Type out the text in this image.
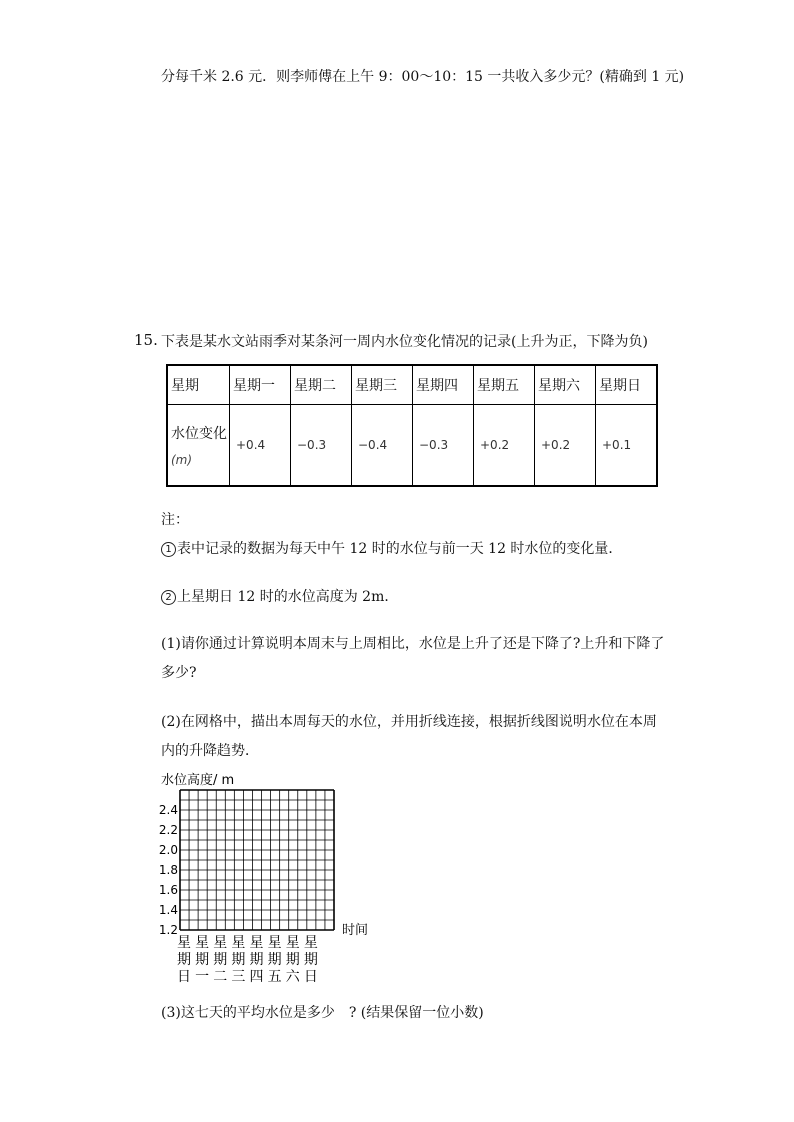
分每千米 2.6 元．则李师傅在上午 9：00～10：15 一共收入多少元？(精确到 1 元)
15. 下表是某水文站雨季对某条河一周内水位变化情况的记录(上升为正，下降为负)
星期	星期一	星期二	星期三	星期四	星期五	星期六	星期日
水位变化
(m)	+0.4	−0.3	−0.4	−0.3	+0.2	+0.2	+0.1
注：
1 表中记录的数据为每天中午 12 时的水位与前一天 12 时水位的变化量．
2 上星期日 12 时的水位高度为 2m．
(1)请你通过计算说明本周末与上周相比，水位是上升了还是下降了?上升和下降了
多少?
(2)在网格中，描出本周每天的水位，并用折线连接，根据折线图说明水位在本周
内的升降趋势．
水位高度/ m
2.4
2.2
2.0
1.8
1.6
1.4
1.2	时间
星
期
日
星
期
一
星
期
二
星
期
三
星
期
四
星
期
五
星
期
六
星
期
日
(3)这七天的平均水位是多少　? (结果保留一位小数)
